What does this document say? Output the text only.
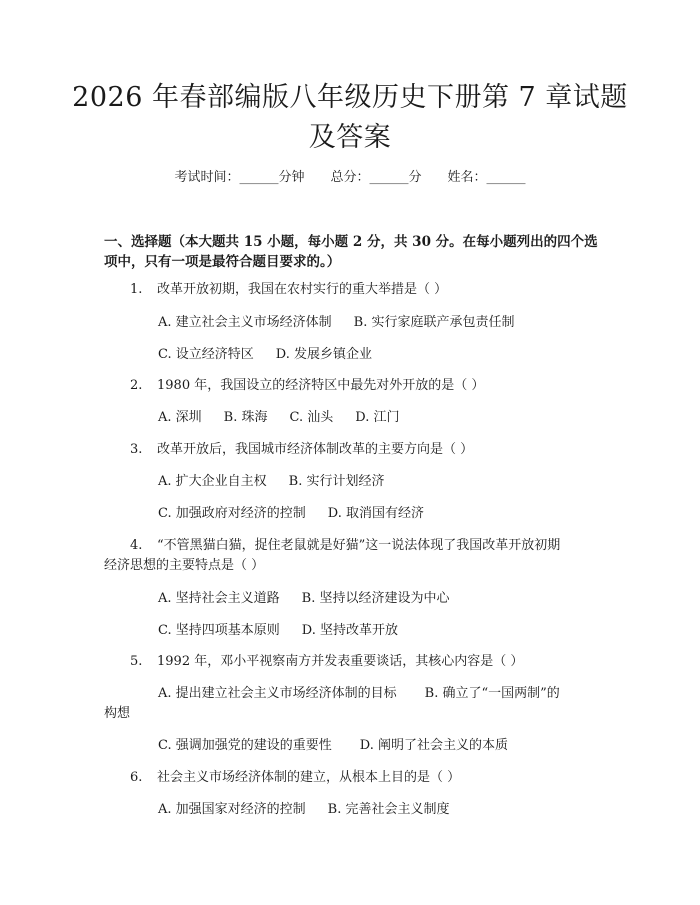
2026 年春部编版八年级历史下册第 7 章试题
及答案
考试时间：______分钟 总分：______分 姓名：______
一、选择题（本大题共 15 小题，每小题 2 分，共 30 分。在每小题列出的四个选
项中，只有一项是最符合题目要求的。）
1. 改革开放初期，我国在农村实行的重大举措是（ ）
A. 建立社会主义市场经济体制 B. 实行家庭联产承包责任制
C. 设立经济特区 D. 发展乡镇企业
2. 1980 年，我国设立的经济特区中最先对外开放的是（ ）
A. 深圳 B. 珠海 C. 汕头 D. 江门
3. 改革开放后，我国城市经济体制改革的主要方向是（ ）
A. 扩大企业自主权 B. 实行计划经济
C. 加强政府对经济的控制 D. 取消国有经济
4. “不管黑猫白猫，捉住老鼠就是好猫”这一说法体现了我国改革开放初期
经济思想的主要特点是（ ）
A. 坚持社会主义道路 B. 坚持以经济建设为中心
C. 坚持四项基本原则 D. 坚持改革开放
5. 1992 年，邓小平视察南方并发表重要谈话，其核心内容是（ ）
A. 提出建立社会主义市场经济体制的目标 B. 确立了“一国两制”的
构想
C. 强调加强党的建设的重要性 D. 阐明了社会主义的本质
6. 社会主义市场经济体制的建立，从根本上目的是（ ）
A. 加强国家对经济的控制 B. 完善社会主义制度
